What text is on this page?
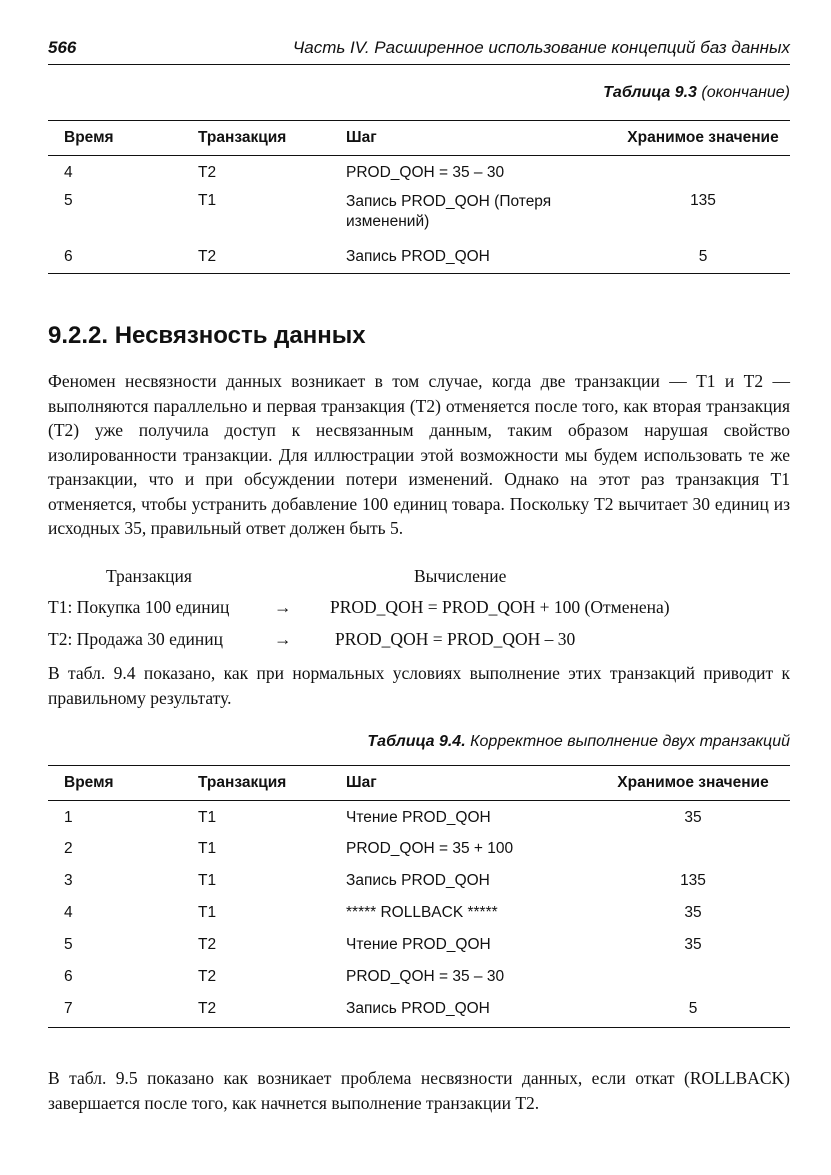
566	Часть IV. Расширенное использование концепций баз данных
Таблица 9.3 (окончание)
Время	Транзакция	Шаг	Хранимое значение
4	T2	PROD_QOH = 35 – 30	
5	T1	Запись PROD_QOH (Потеря изменений)	135
6	T2	Запись PROD_QOH	5
9.2.2. Несвязность данных
Феномен несвязности данных возникает в том случае, когда две транзакции — T1 и T2 — выполняются параллельно и первая транзакция (T2) отменяется после того, как вторая транзакция (T2) уже получила доступ к несвязанным данным, таким образом нарушая свойство изолированности транзакции. Для иллюстрации этой возможности мы будем использовать те же транзакции, что и при обсуждении потери изменений. Однако на этот раз транзакция T1 отменяется, чтобы устранить добавление 100 единиц товара. Поскольку T2 вычитает 30 единиц из исходных 35, правильный ответ должен быть 5.
Транзакция	Вычисление
T1: Покупка 100 единиц	→ PROD_QOH = PROD_QOH + 100 (Отменена)
T2: Продажа 30 единиц	→ PROD_QOH = PROD_QOH – 30
В табл. 9.4 показано, как при нормальных условиях выполнение этих транзакций приводит к правильному результату.
Таблица 9.4. Корректное выполнение двух транзакций
Время	Транзакция	Шаг	Хранимое значение
1	T1	Чтение PROD_QOH	35
2	T1	PROD_QOH = 35 + 100	
3	T1	Запись PROD_QOH	135
4	T1	***** ROLLBACK *****	35
5	T2	Чтение PROD_QOH	35
6	T2	PROD_QOH = 35 – 30	
7	T2	Запись PROD_QOH	5
В табл. 9.5 показано как возникает проблема несвязности данных, если откат (ROLLBACK) завершается после того, как начнется выполнение транзакции T2.
